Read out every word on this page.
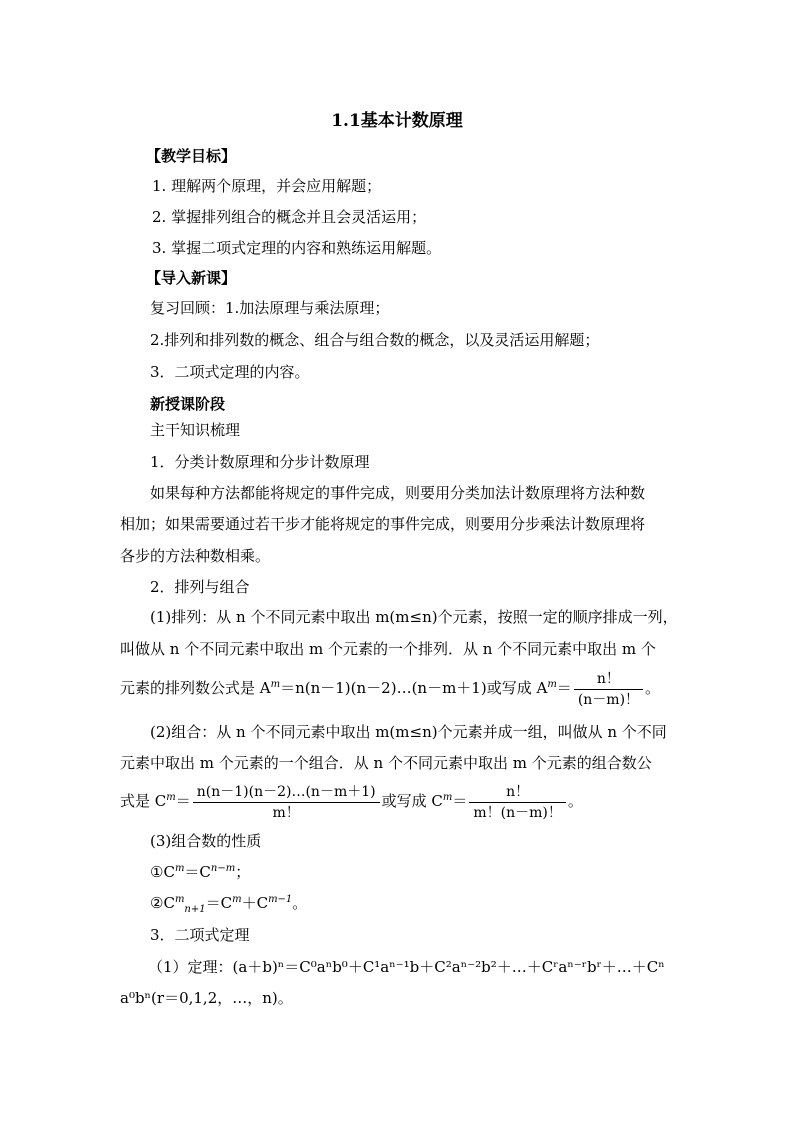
1.1基本计数原理
【教学目标】
1. 理解两个原理，并会应用解题；
2. 掌握排列组合的概念并且会灵活运用；
3. 掌握二项式定理的内容和熟练运用解题。
【导入新课】
复习回顾：1.加法原理与乘法原理；
2.排列和排列数的概念、组合与组合数的概念，以及灵活运用解题；
3．二项式定理的内容。
新授课阶段
主干知识梳理
1．分类计数原理和分步计数原理
如果每种方法都能将规定的事件完成，则要用分类加法计数原理将方法种数
相加；如果需要通过若干步才能将规定的事件完成，则要用分步乘法计数原理将
各步的方法种数相乘。
2．排列与组合
(1)排列：从 n 个不同元素中取出 m(m≤n)个元素，按照一定的顺序排成一列，
叫做从 n 个不同元素中取出 m 个元素的一个排列．从 n 个不同元素中取出 m 个
元素的排列数公式是 $A^m=n(n-1)(n-2)\dots(n-m+1)$或写成 $A^m= \frac{n!}{(n-m)!}$ 。
(2)组合：从 n 个不同元素中取出 m(m≤n)个元素并成一组，叫做从 n 个不同
元素中取出 m 个元素的一个组合．从 n 个不同元素中取出 m 个元素的组合数公
式是 $C^m= \frac{n(n-1)(n-2)\dots(n-m+1)}{m!}$ 或写成 $C^m= \frac{n!}{m!(n-m)!}$ 。
(3)组合数的性质
$①C^m=C^{n-m}$；
$②C^m_{n+1}=C^m+C^{m-1}$。
3．二项式定理
（1）定理：(a＋b)ⁿ＝C⁰aⁿb⁰＋C¹aⁿ⁻¹b＋C²aⁿ⁻²b²＋…＋Cʳaⁿ⁻ʳbʳ＋…＋Cⁿ
a⁰bⁿ(r＝0,1,2，…，n)。
